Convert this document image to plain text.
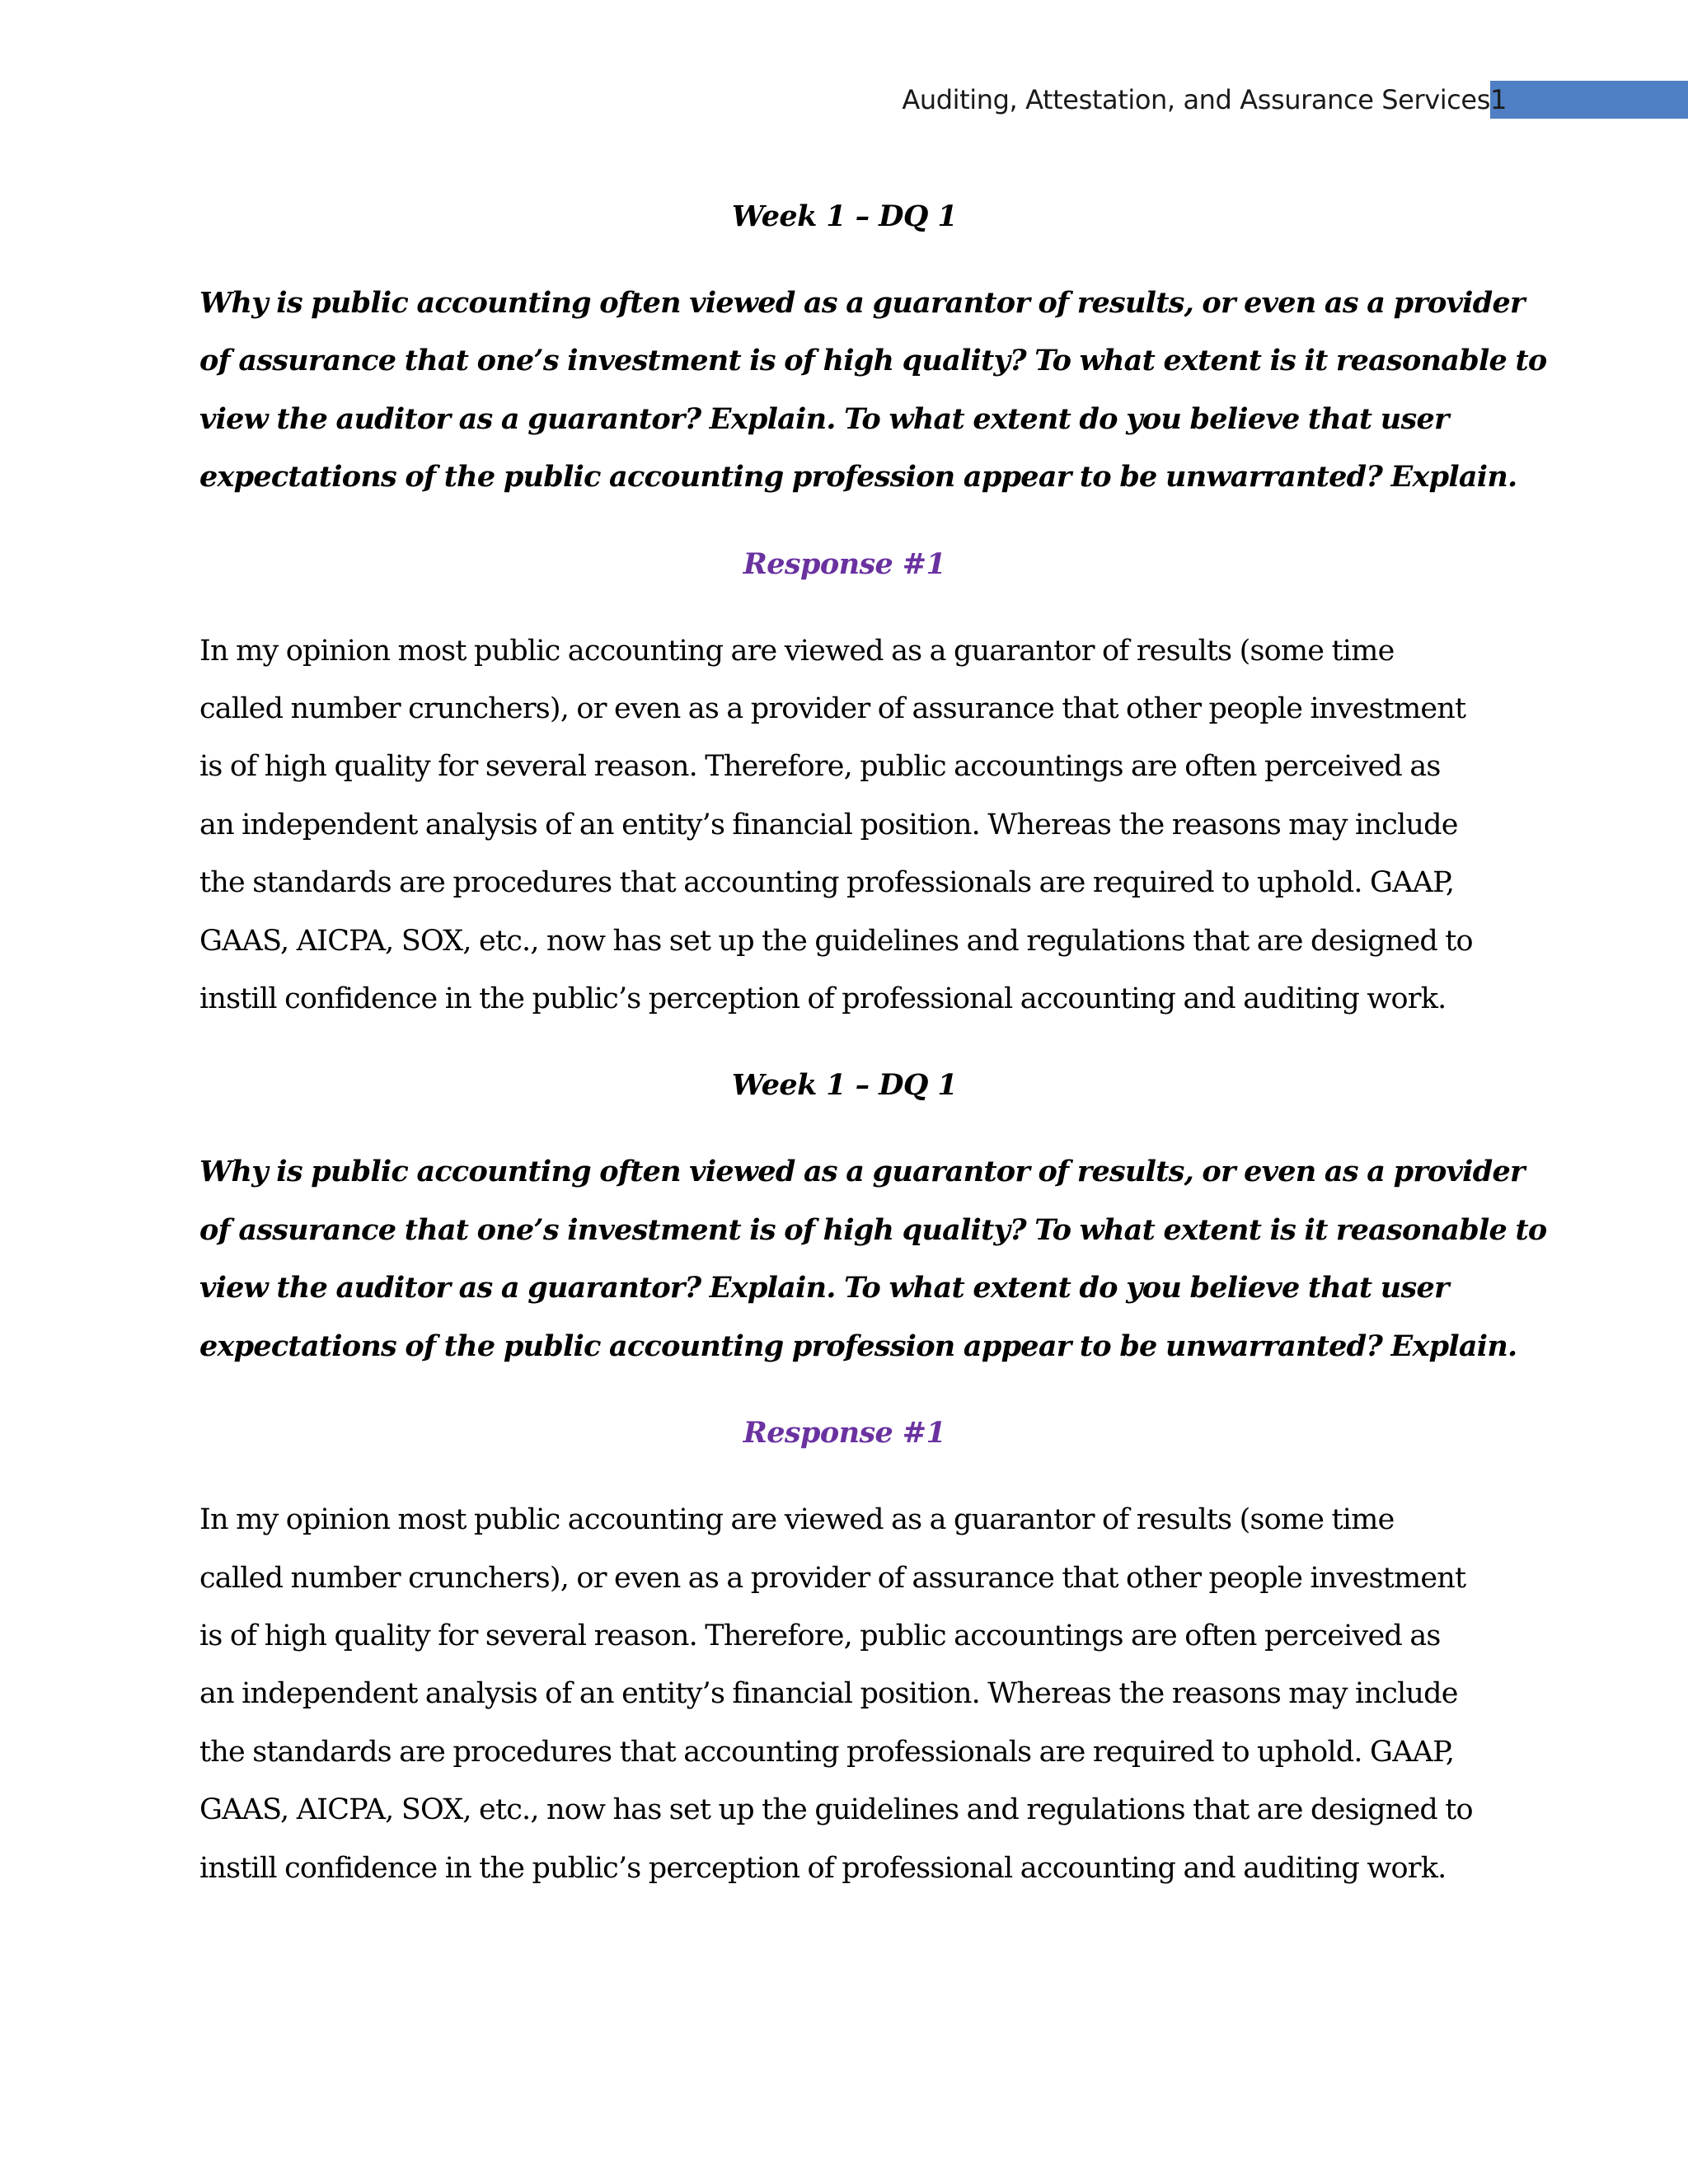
Auditing, Attestation, and Assurance Services 1
Week 1 – DQ 1
Why is public accounting often viewed as a guarantor of results, or even as a provider
of assurance that one’s investment is of high quality? To what extent is it reasonable to
view the auditor as a guarantor? Explain. To what extent do you believe that user
expectations of the public accounting profession appear to be unwarranted? Explain.
Response #1
In my opinion most public accounting are viewed as a guarantor of results (some time
called number crunchers), or even as a provider of assurance that other people investment
is of high quality for several reason. Therefore, public accountings are often perceived as
an independent analysis of an entity’s financial position. Whereas the reasons may include
the standards are procedures that accounting professionals are required to uphold. GAAP,
GAAS, AICPA, SOX, etc., now has set up the guidelines and regulations that are designed to
instill confidence in the public’s perception of professional accounting and auditing work.
Week 1 – DQ 1
Why is public accounting often viewed as a guarantor of results, or even as a provider
of assurance that one’s investment is of high quality? To what extent is it reasonable to
view the auditor as a guarantor? Explain. To what extent do you believe that user
expectations of the public accounting profession appear to be unwarranted? Explain.
Response #1
In my opinion most public accounting are viewed as a guarantor of results (some time
called number crunchers), or even as a provider of assurance that other people investment
is of high quality for several reason. Therefore, public accountings are often perceived as
an independent analysis of an entity’s financial position. Whereas the reasons may include
the standards are procedures that accounting professionals are required to uphold. GAAP,
GAAS, AICPA, SOX, etc., now has set up the guidelines and regulations that are designed to
instill confidence in the public’s perception of professional accounting and auditing work.
